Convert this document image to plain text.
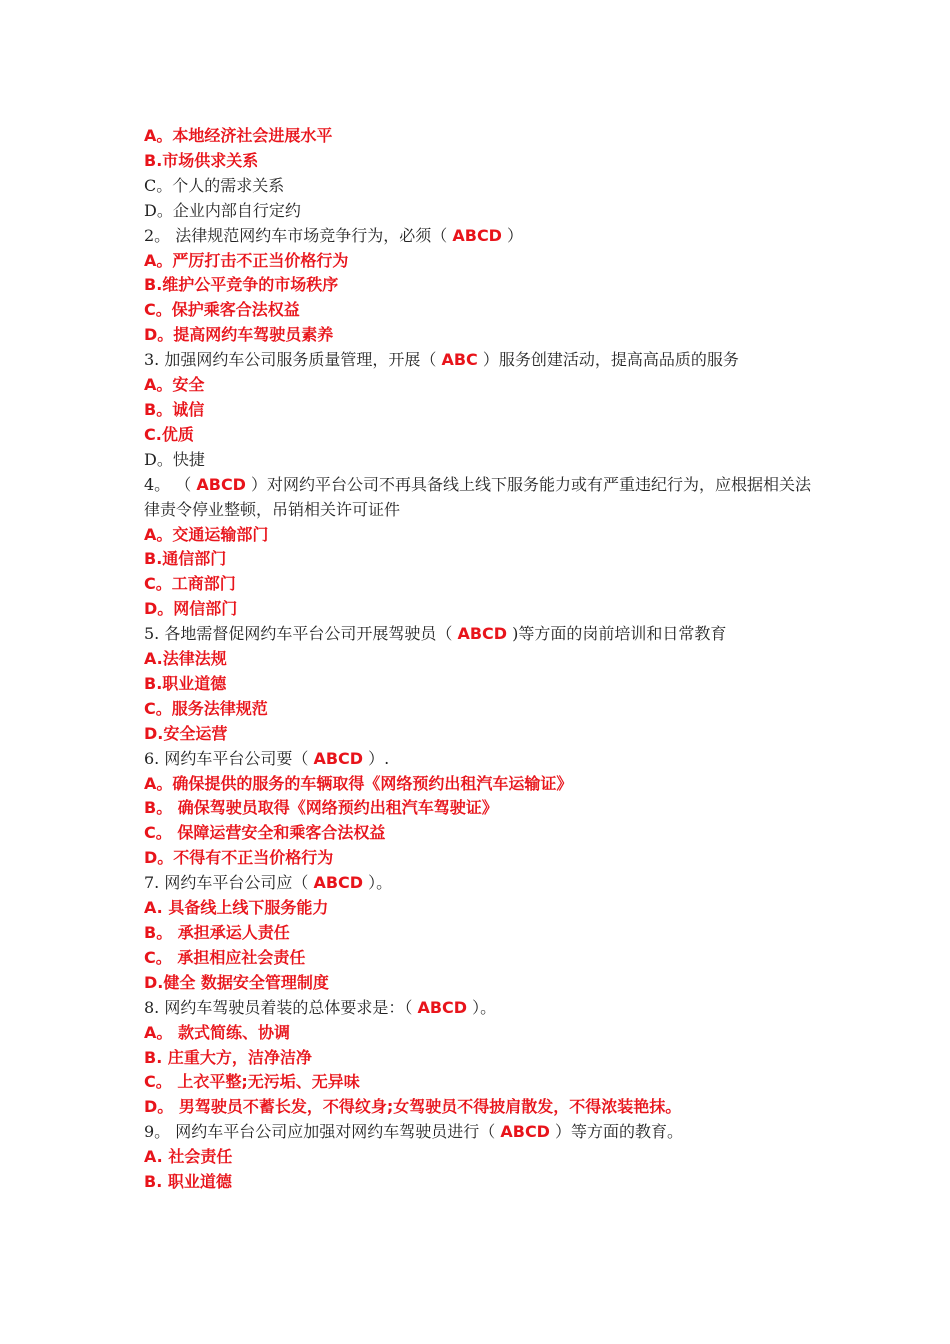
A。本地经济社会进展水平
B.市场供求关系
C。个人的需求关系
D。企业内部自行定约
2。 法律规范网约车市场竞争行为，必须（ ABCD ）
A。严厉打击不正当价格行为
B.维护公平竞争的市场秩序
C。保护乘客合法权益
D。提高网约车驾驶员素养
3. 加强网约车公司服务质量管理，开展（ ABC ）服务创建活动，提高高品质的服务
A。安全
B。诚信
C.优质
D。快捷
4。 （ ABCD ）对网约平台公司不再具备线上线下服务能力或有严重违纪行为，应根据相关法律责令停业整顿，吊销相关许可证件
A。交通运输部门
B.通信部门
C。工商部门
D。网信部门
5. 各地需督促网约车平台公司开展驾驶员（ ABCD )等方面的岗前培训和日常教育
A.法律法规
B.职业道德
C。服务法律规范
D.安全运营
6. 网约车平台公司要（ ABCD ）.
A。确保提供的服务的车辆取得《网络预约出租汽车运输证》
B。 确保驾驶员取得《网络预约出租汽车驾驶证》
C。 保障运营安全和乘客合法权益
D。不得有不正当价格行为
7. 网约车平台公司应（ ABCD ）。
A. 具备线上线下服务能力
B。 承担承运人责任
C。 承担相应社会责任
D.健全 数据安全管理制度
8. 网约车驾驶员着装的总体要求是：（ ABCD ）。
A。 款式简练、协调
B. 庄重大方，洁净洁净
C。 上衣平整;无污垢、无异味
D。 男驾驶员不蓄长发，不得纹身;女驾驶员不得披肩散发，不得浓装艳抹。
9。 网约车平台公司应加强对网约车驾驶员进行（ ABCD ）等方面的教育。
A. 社会责任
B. 职业道德
